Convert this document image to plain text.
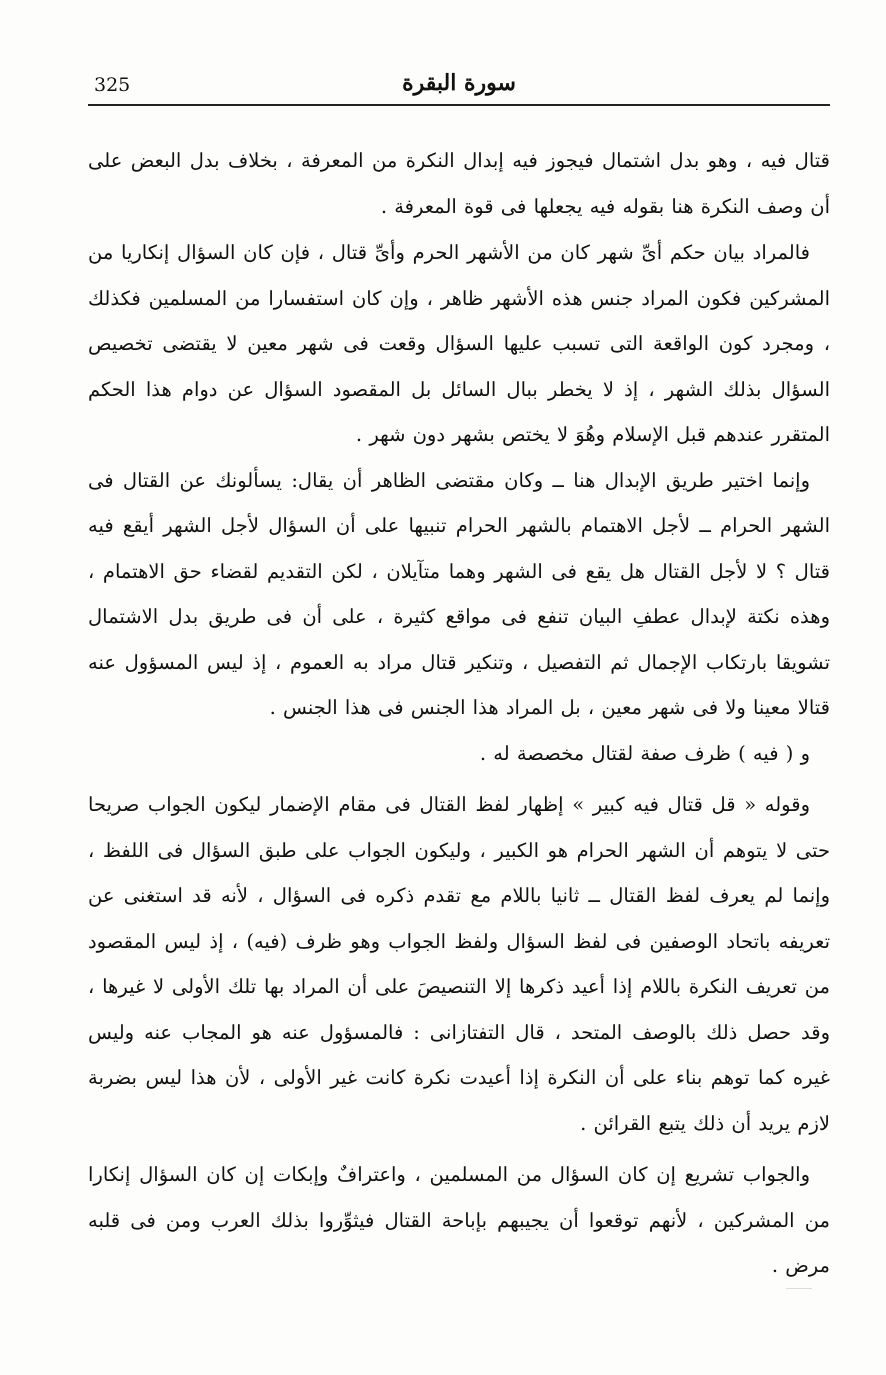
325	سورة البقرة

قتال فيه ، وهو بدل اشتمال فيجوز فيه إبدال النكرة من المعرفة ، بخلاف بدل البعض على أن وصف النكرة هنا بقوله فيه يجعلها فى قوة المعرفة .

فالمراد بيان حكم أىِّ شهر كان من الأشهر الحرم وأىِّ قتال ، فإن كان السؤال إنكاريا من المشركين فكون المراد جنس هذه الأشهر ظاهر ، وإن كان استفسارا من المسلمين فكذلك ، ومجرد كون الواقعة التى تسبب عليها السؤال وقعت فى شهر معين لا يقتضى تخصيص السؤال بذلك الشهر ، إذ لا يخطر ببال السائل بل المقصود السؤال عن دوام هذا الحكم المتقرر عندهم قبل الإسلام وهُوَ لا يختص بشهر دون شهر .

وإنما اختير طريق الإبدال هنا ــ وكان مقتضى الظاهر أن يقال: يسألونك عن القتال فى الشهر الحرام ــ لأجل الاهتمام بالشهر الحرام تنبيها على أن السؤال لأجل الشهر أيقع فيه قتال ؟ لا لأجل القتال هل يقع فى الشهر وهما متآيلان ، لكن التقديم لقضاء حق الاهتمام ، وهذه نكتة لإبدال عطفِ البيان تنفع فى مواقع كثيرة ، على أن فى طريق بدل الاشتمال تشويقا بارتكاب الإجمال ثم التفصيل ، وتنكير قتال مراد به العموم ، إذ ليس المسؤول عنه قتالا معينا ولا فى شهر معين ، بل المراد هذا الجنس فى هذا الجنس .

و ( فيه ) ظرف صفة لقتال مخصصة له .

وقوله « قل قتال فيه كبير » إظهار لفظ القتال فى مقام الإضمار ليكون الجواب صريحا حتى لا يتوهم أن الشهر الحرام هو الكبير ، وليكون الجواب على طبق السؤال فى اللفظ ، وإنما لم يعرف لفظ القتال ــ ثانيا باللام مع تقدم ذكره فى السؤال ، لأنه قد استغنى عن تعريفه باتحاد الوصفين فى لفظ السؤال ولفظ الجواب وهو ظرف (فيه) ، إذ ليس المقصود من تعريف النكرة باللام إذا أعيد ذكرها إلا التنصيصَ على أن المراد بها تلك الأولى لا غيرها ، وقد حصل ذلك بالوصف المتحد ، قال التفتازانى : فالمسؤول عنه هو المجاب عنه وليس غيره كما توهم بناء على أن النكرة إذا أعيدت نكرة كانت غير الأولى ، لأن هذا ليس بضربة لازم يريد أن ذلك يتبع القرائن .

والجواب تشريع إن كان السؤال من المسلمين ، واعترافٌ وإبكات إن كان السؤال إنكارا من المشركين ، لأنهم توقعوا أن يجيبهم بإباحة القتال فيثوِّروا بذلك العرب ومن فى قلبه مرض .
